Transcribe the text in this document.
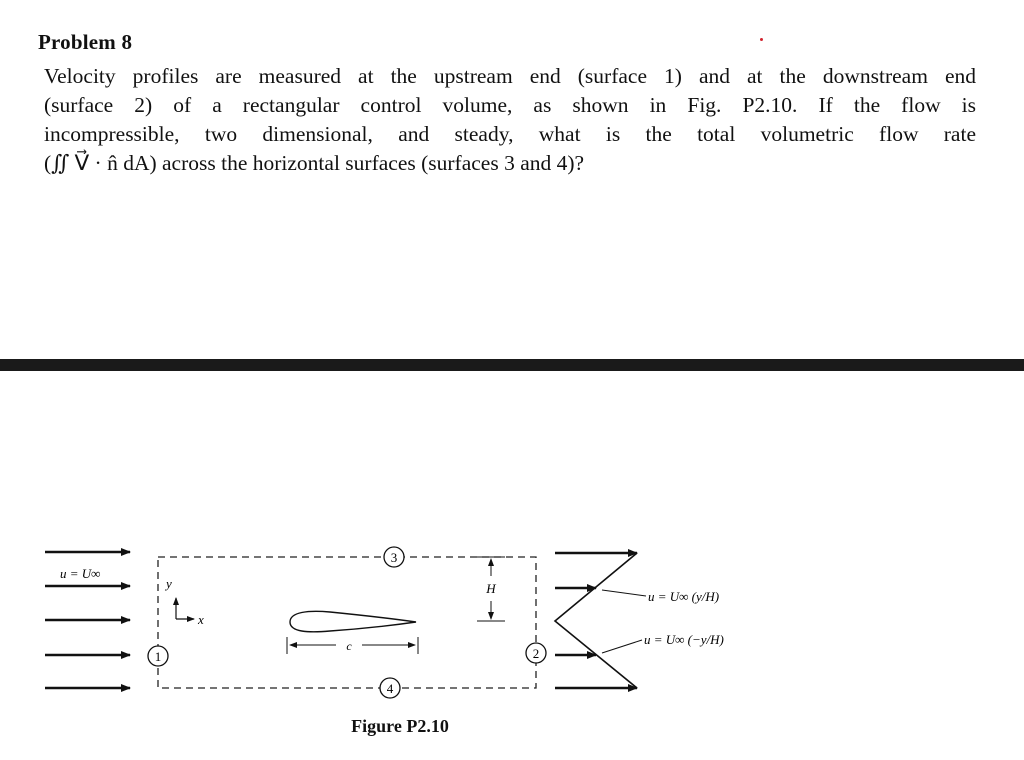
Problem 8
Velocity profiles are measured at the upstream end (surface 1) and at the downstream end
(surface 2) of a rectangular control volume, as shown in Fig. P2.10. If the flow is
incompressible, two dimensional, and steady, what is the total volumetric flow rate
(∬ V⃗ · n̂ dA) across the horizontal surfaces (surfaces 3 and 4)?
u = U∞
3
4
1	2
y
x
c
H
u = U∞ (y/H)
u = U∞ (−y/H)
Figure P2.10
